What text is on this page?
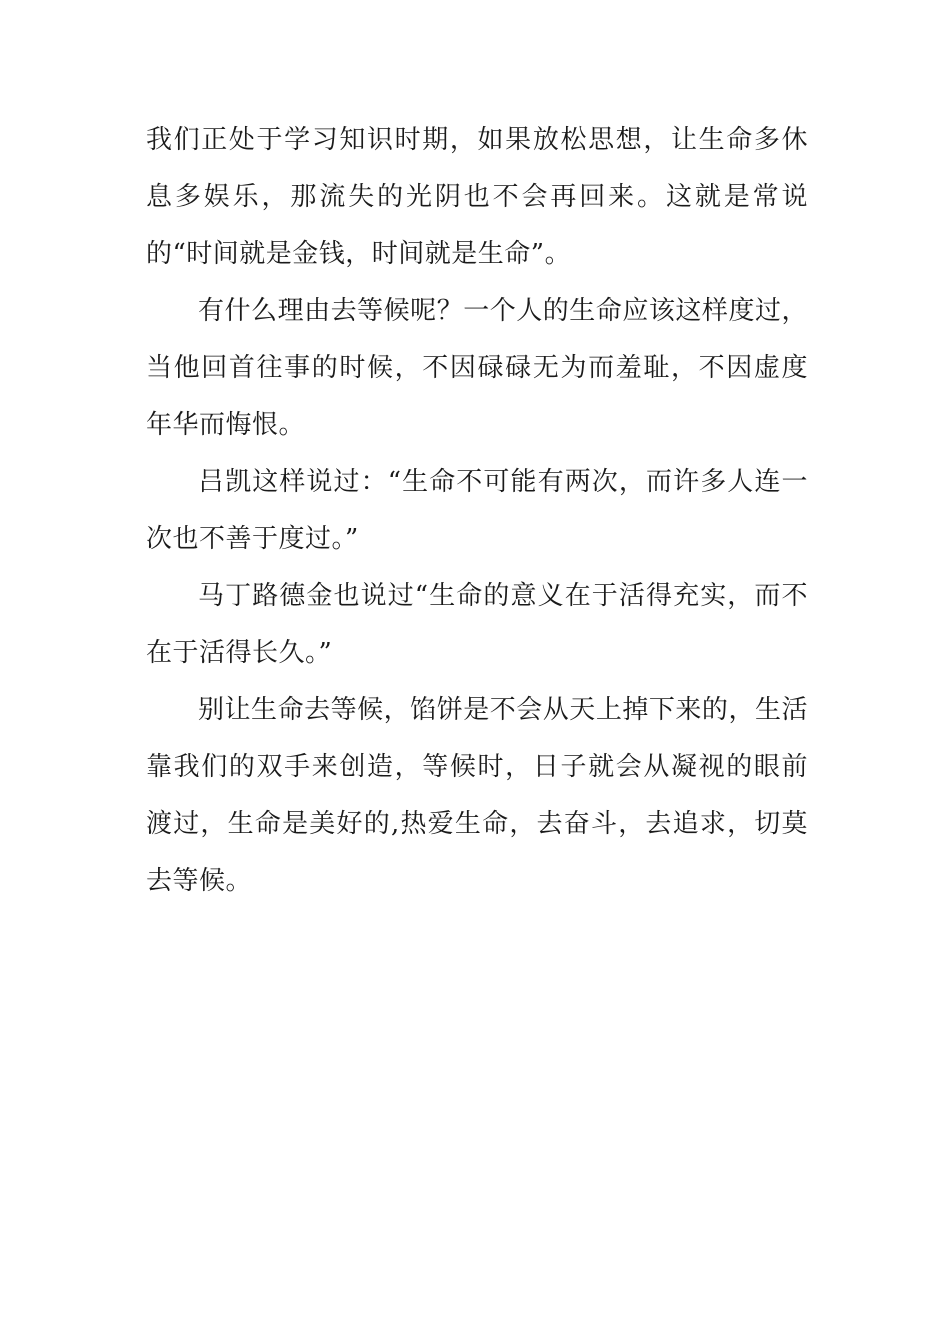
我们正处于学习知识时期，如果放松思想，让生命多休息多娱乐，那流失的光阴也不会再回来。这就是常说的“时间就是金钱，时间就是生命”。

有什么理由去等候呢？一个人的生命应该这样度过，当他回首往事的时候，不因碌碌无为而羞耻，不因虚度年华而悔恨。

吕凯这样说过：“生命不可能有两次，而许多人连一次也不善于度过。”

马丁路德金也说过“生命的意义在于活得充实，而不在于活得长久。”

别让生命去等候，馅饼是不会从天上掉下来的，生活靠我们的双手来创造，等候时，日子就会从凝视的眼前渡过，生命是美好的,热爱生命，去奋斗，去追求，切莫去等候。
